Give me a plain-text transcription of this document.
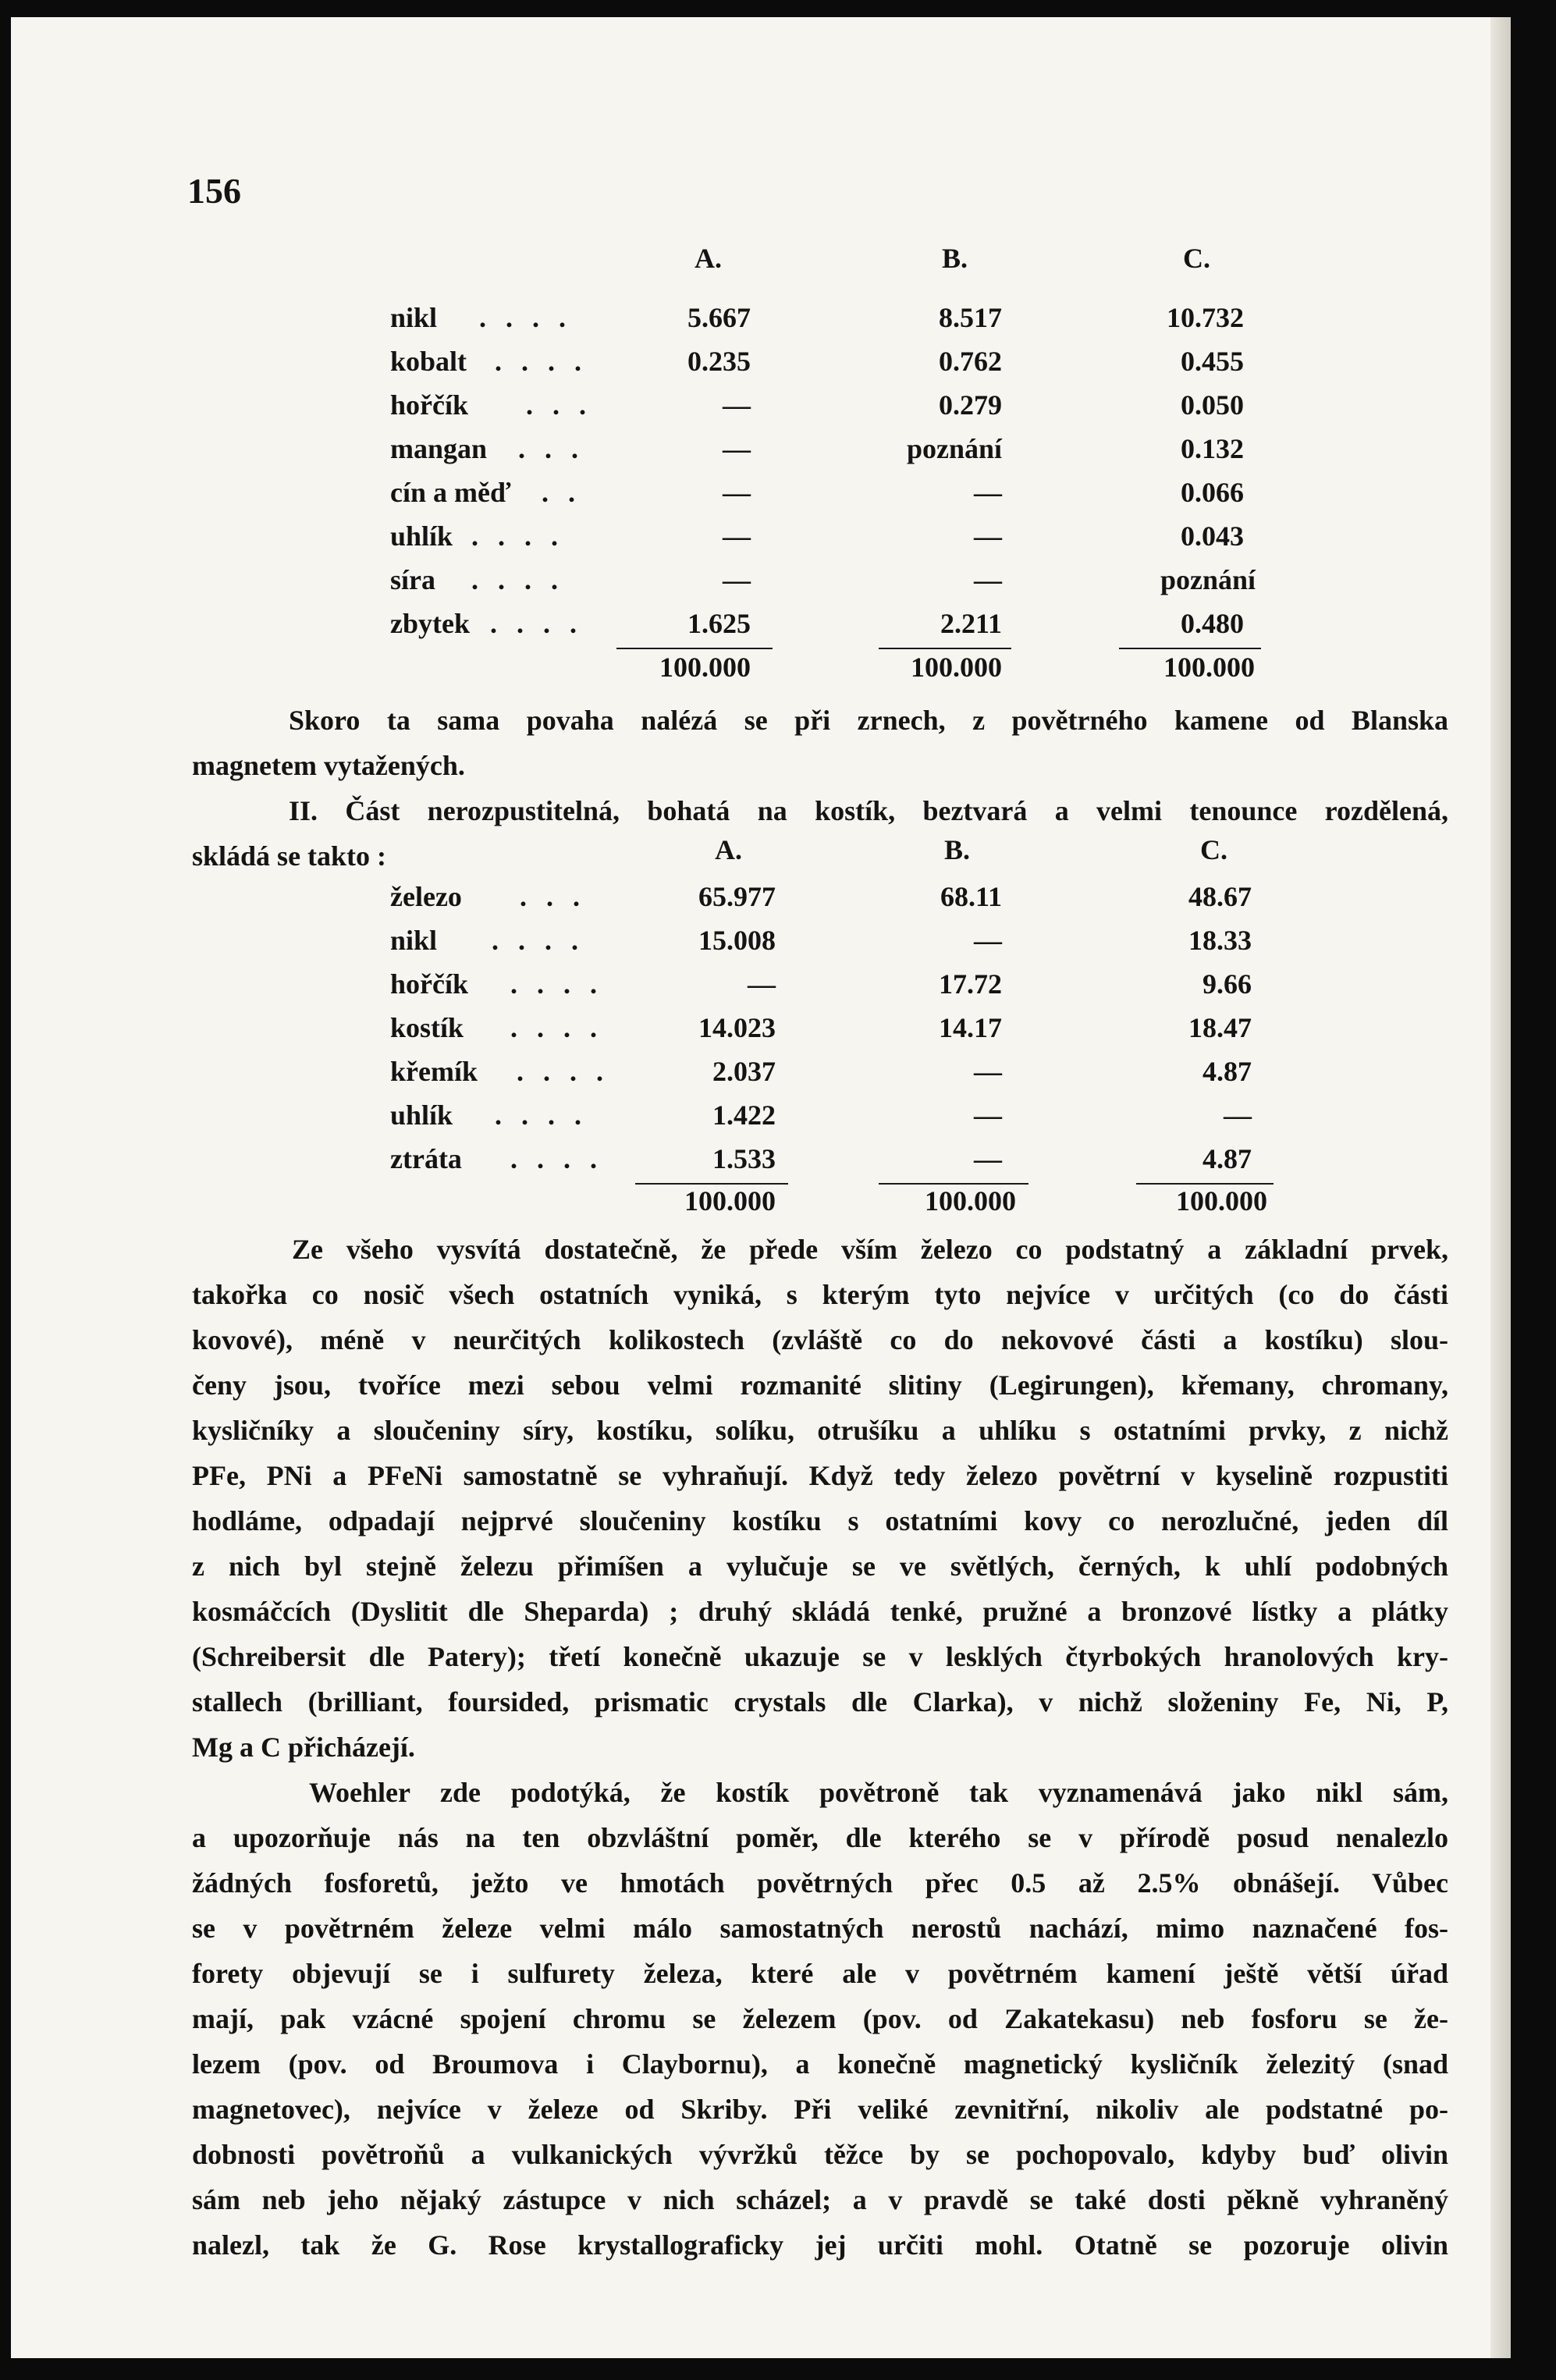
156
A.	B.	C.
nikl . . . .	5.667	8.517	10.732
kobalt . . . .	0.235	0.762	0.455
hořčík . . .	—	0.279	0.050
mangan . . .	—	poznání	0.132
cín a měď . .	—	—	0.066
uhlík . . . .	—	—	0.043
síra . . . .	—	—	poznání
zbytek . . . .	1.625	2.211	0.480
100.000	100.000	100.000
Skoro ta sama povaha nalézá se při zrnech, z povětrného kamene od Blanska
magnetem vytažených.
II. Část nerozpustitelná, bohatá na kostík, beztvará a velmi tenounce rozdělená,
skládá se takto :	A.	B.	C.
železo . . .	65.977	68.11	48.67
nikl . . . .	15.008	—	18.33
hořčík . . . .	—	17.72	9.66
kostík . . . .	14.023	14.17	18.47
křemík . . . .	2.037	—	4.87
uhlík . . . .	1.422	—	—
ztráta . . . .	1.533	—	4.87
100.000	100.000	100.000
Ze všeho vysvítá dostatečně, že přede vším železo co podstatný a základní prvek,
takořka co nosič všech ostatních vyniká, s kterým tyto nejvíce v určitých (co do části
kovové), méně v neurčitých kolikostech (zvláště co do nekovové části a kostíku) slou-
čeny jsou, tvoříce mezi sebou velmi rozmanité slitiny (Legirungen), křemany, chromany,
kysličníky a sloučeniny síry, kostíku, solíku, otrušíku a uhlíku s ostatními prvky, z nichž
PFe, PNi a PFeNi samostatně se vyhraňují. Když tedy železo povětrní v kyselině rozpustiti
hodláme, odpadají nejprvé sloučeniny kostíku s ostatními kovy co nerozlučné, jeden díl
z nich byl stejně železu přimíšen a vylučuje se ve světlých, černých, k uhlí podobných
kosmáčcích (Dyslitit dle Sheparda) ; druhý skládá tenké, pružné a bronzové lístky a plátky
(Schreibersit dle Patery); třetí konečně ukazuje se v lesklých čtyrbokých hranolových kry-
stallech (brilliant, foursided, prismatic crystals dle Clarka), v nichž složeniny Fe, Ni, P,
Mg a C přicházejí.
Woehler zde podotýká, že kostík povětroně tak vyznamenává jako nikl sám,
a upozorňuje nás na ten obzvláštní poměr, dle kterého se v přírodě posud nenalezlo
žádných fosforetů, ježto ve hmotách povětrných přec 0.5 až 2.5% obnášejí. Vůbec
se v povětrném železe velmi málo samostatných nerostů nachází, mimo naznačené fos-
forety objevují se i sulfurety železa, které ale v povětrném kamení ještě větší úřad
mají, pak vzácné spojení chromu se železem (pov. od Zakatekasu) neb fosforu se že-
lezem (pov. od Broumova i Claybornu), a konečně magnetický kysličník železitý (snad
magnetovec), nejvíce v železe od Skriby. Při veliké zevnitřní, nikoliv ale podstatné po-
dobnosti povětroňů a vulkanických vývržků těžce by se pochopovalo, kdyby buď olivin
sám neb jeho nějaký zástupce v nich scházel; a v pravdě se také dosti pěkně vyhraněný
nalezl, tak že G. Rose krystallograficky jej určiti mohl. Otatně se pozoruje olivin
